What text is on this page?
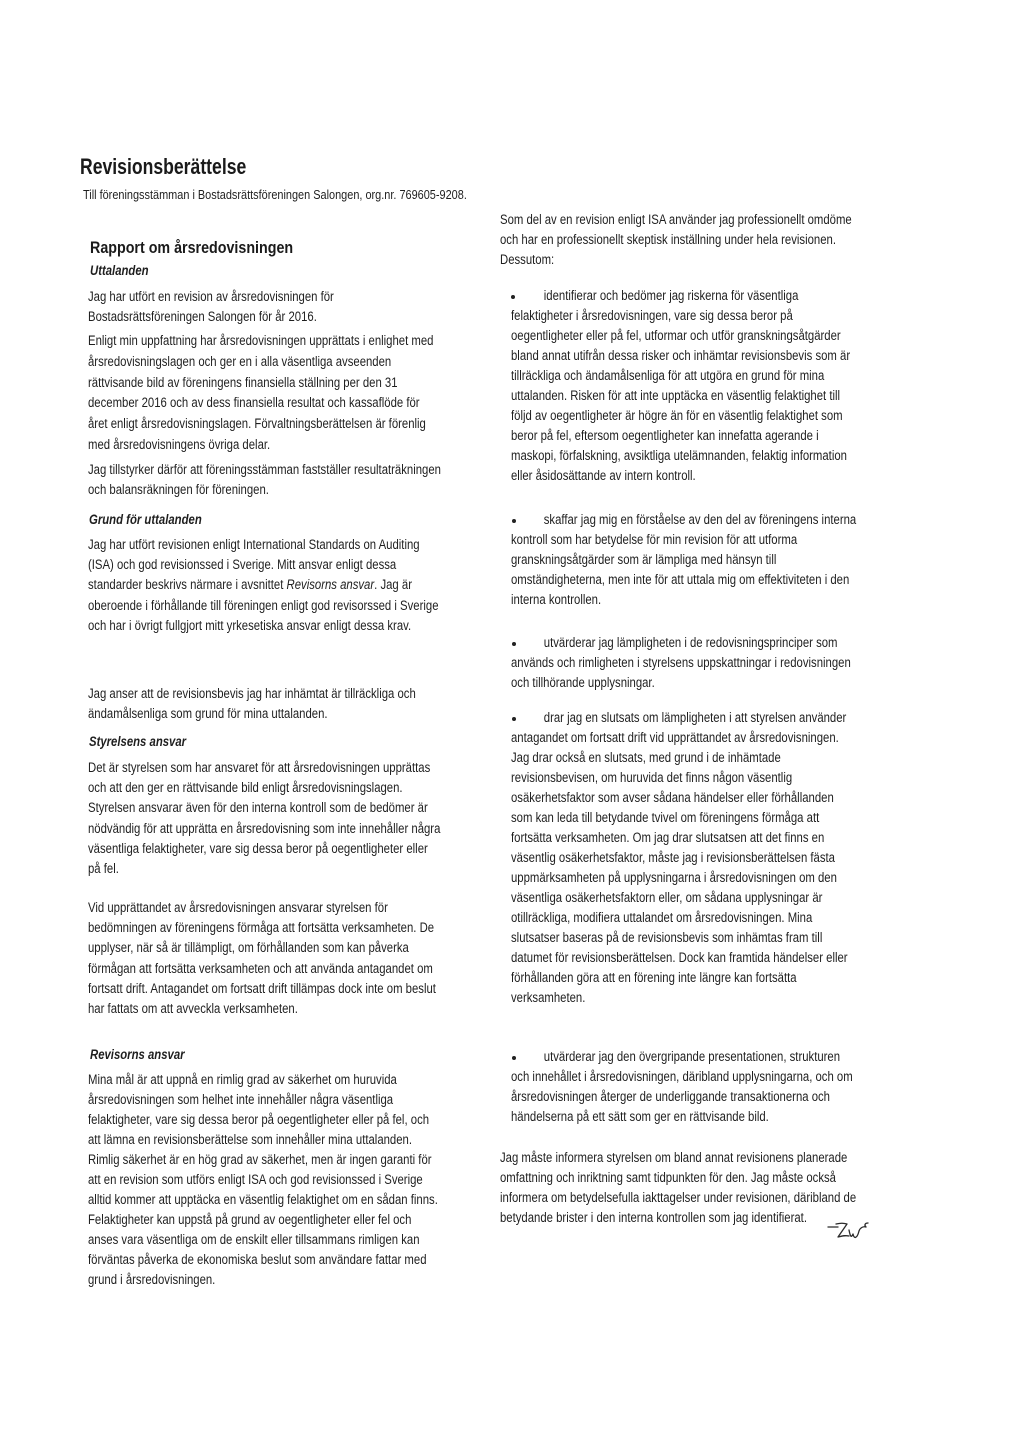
Revisionsberättelse
Till föreningsstämman i Bostadsrättsföreningen Salongen, org.nr. 769605-9208.
Rapport om årsredovisningen
Uttalanden
Jag har utfört en revision av årsredovisningen för
Bostadsrättsföreningen Salongen för år 2016.
Enligt min uppfattning har årsredovisningen upprättats i enlighet med
årsredovisningslagen och ger en i alla väsentliga avseenden
rättvisande bild av föreningens finansiella ställning per den 31
december 2016 och av dess finansiella resultat och kassaflöde för
året enligt årsredovisningslagen. Förvaltningsberättelsen är förenlig
med årsredovisningens övriga delar.
Jag tillstyrker därför att föreningsstämman fastställer resultaträkningen
och balansräkningen för föreningen.
Grund för uttalanden
Jag har utfört revisionen enligt International Standards on Auditing
(ISA) och god revisionssed i Sverige. Mitt ansvar enligt dessa
standarder beskrivs närmare i avsnittet Revisorns ansvar. Jag är
oberoende i förhållande till föreningen enligt god revisorssed i Sverige
och har i övrigt fullgjort mitt yrkesetiska ansvar enligt dessa krav.
Jag anser att de revisionsbevis jag har inhämtat är tillräckliga och
ändamålsenliga som grund för mina uttalanden.
Styrelsens ansvar
Det är styrelsen som har ansvaret för att årsredovisningen upprättas
och att den ger en rättvisande bild enligt årsredovisningslagen.
Styrelsen ansvarar även för den interna kontroll som de bedömer är
nödvändig för att upprätta en årsredovisning som inte innehåller några
väsentliga felaktigheter, vare sig dessa beror på oegentligheter eller
på fel.
Vid upprättandet av årsredovisningen ansvarar styrelsen för
bedömningen av föreningens förmåga att fortsätta verksamheten. De
upplyser, när så är tillämpligt, om förhållanden som kan påverka
förmågan att fortsätta verksamheten och att använda antagandet om
fortsatt drift. Antagandet om fortsatt drift tillämpas dock inte om beslut
har fattats om att avveckla verksamheten.
Revisorns ansvar
Mina mål är att uppnå en rimlig grad av säkerhet om huruvida
årsredovisningen som helhet inte innehåller några väsentliga
felaktigheter, vare sig dessa beror på oegentligheter eller på fel, och
att lämna en revisionsberättelse som innehåller mina uttalanden.
Rimlig säkerhet är en hög grad av säkerhet, men är ingen garanti för
att en revision som utförs enligt ISA och god revisionssed i Sverige
alltid kommer att upptäcka en väsentlig felaktighet om en sådan finns.
Felaktigheter kan uppstå på grund av oegentligheter eller fel och
anses vara väsentliga om de enskilt eller tillsammans rimligen kan
förväntas påverka de ekonomiska beslut som användare fattar med
grund i årsredovisningen.
Som del av en revision enligt ISA använder jag professionellt omdöme
och har en professionellt skeptisk inställning under hela revisionen.
Dessutom:
identifierar och bedömer jag riskerna för väsentliga
felaktigheter i årsredovisningen, vare sig dessa beror på
oegentligheter eller på fel, utformar och utför granskningsåtgärder
bland annat utifrån dessa risker och inhämtar revisionsbevis som är
tillräckliga och ändamålsenliga för att utgöra en grund för mina
uttalanden. Risken för att inte upptäcka en väsentlig felaktighet till
följd av oegentligheter är högre än för en väsentlig felaktighet som
beror på fel, eftersom oegentligheter kan innefatta agerande i
maskopi, förfalskning, avsiktliga utelämnanden, felaktig information
eller åsidosättande av intern kontroll.
skaffar jag mig en förståelse av den del av föreningens interna
kontroll som har betydelse för min revision för att utforma
granskningsåtgärder som är lämpliga med hänsyn till
omständigheterna, men inte för att uttala mig om effektiviteten i den
interna kontrollen.
utvärderar jag lämpligheten i de redovisningsprinciper som
används och rimligheten i styrelsens uppskattningar i redovisningen
och tillhörande upplysningar.
drar jag en slutsats om lämpligheten i att styrelsen använder
antagandet om fortsatt drift vid upprättandet av årsredovisningen.
Jag drar också en slutsats, med grund i de inhämtade
revisionsbevisen, om huruvida det finns någon väsentlig
osäkerhetsfaktor som avser sådana händelser eller förhållanden
som kan leda till betydande tvivel om föreningens förmåga att
fortsätta verksamheten. Om jag drar slutsatsen att det finns en
väsentlig osäkerhetsfaktor, måste jag i revisionsberättelsen fästa
uppmärksamheten på upplysningarna i årsredovisningen om den
väsentliga osäkerhetsfaktorn eller, om sådana upplysningar är
otillräckliga, modifiera uttalandet om årsredovisningen. Mina
slutsatser baseras på de revisionsbevis som inhämtas fram till
datumet för revisionsberättelsen. Dock kan framtida händelser eller
förhållanden göra att en förening inte längre kan fortsätta
verksamheten.
utvärderar jag den övergripande presentationen, strukturen
och innehållet i årsredovisningen, däribland upplysningarna, och om
årsredovisningen återger de underliggande transaktionerna och
händelserna på ett sätt som ger en rättvisande bild.
Jag måste informera styrelsen om bland annat revisionens planerade
omfattning och inriktning samt tidpunkten för den. Jag måste också
informera om betydelsefulla iakttagelser under revisionen, däribland de
betydande brister i den interna kontrollen som jag identifierat.
